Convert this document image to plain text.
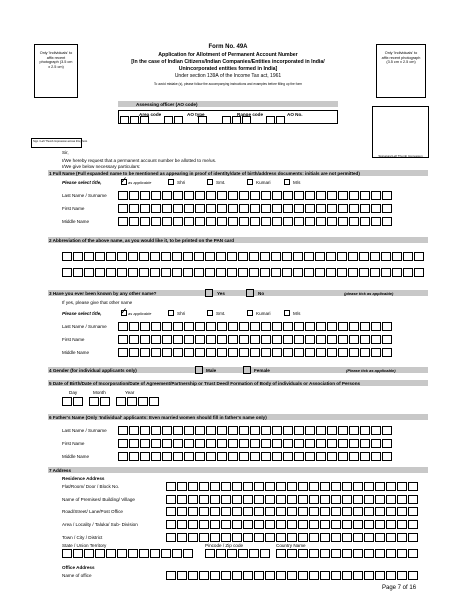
Only 'Individuals' to affix recent photograph (3.5 cm x 2.5 cm)
Only 'Individuals' to affix recent photograph (3.5 cm x 2.5 cm)
Sign / Left Thumb Impression across this photo
Signature/Left Thumb Impression
Form No. 49A
Application for Allotment of Permanent Account Number
[In the case of Indian Citizens/Indian Companies/Entities incorporated in India/
Unincorporated entities formed in India]
Under section 139A of the Income Tax act, 1961
To avoid mistake (s), please follow the accompanying instructions and examples before filling up the form
Assessing officer (AO code)
Area code	AO type	Range code	AO No.
Sir,
I/We hereby request that a permanent account number be allotted to me/us.
I/We give below necessary particulars:
1 Full Name (Full expanded name to be mentioned as appearing in proof of identity/date of birth/address documents: initials are not permitted)
Please select title, ✓ as applicable	Shri	Smt.	Kumari	M/s
Last Name / Surname
First Name
Middle Name
2 Abbreviation of the above name, as you would like it, to be printed on the PAN card
3 Have you ever been known by any other name?	(please tick as applicable)
Yes	No
If yes, please give that other name
Please select title, ✓ as applicable	Shri	Smt.	Kumari	M/s
Last Name / Surname
First Name
Middle Name
4 Gender (for individual applicants only)	(Please tick as applicable)
Male	Female
5 Date of Birth/Date of Incorporation/Date of Agreement/Partnership or Trust Deed/ Formation of Body of individuals or Association of Persons
Day	Month	Year
6 Father's Name (Only 'Individual' applicants: Even married women should fill in father's name only)
Last Name / Surname
First Name
Middle Name
7 Address
Residence Address
Flat/Room/ Door / Block No.
Name of Premises/ Building/ Village
Road/Street/ Lane/Post Office
Area / Locality / Taluka/ Sub- Division
Town / City / District
State / Union Territory	Pincode / Zip code	Country Name
Office Address
Name of office
Page 7 of 16
